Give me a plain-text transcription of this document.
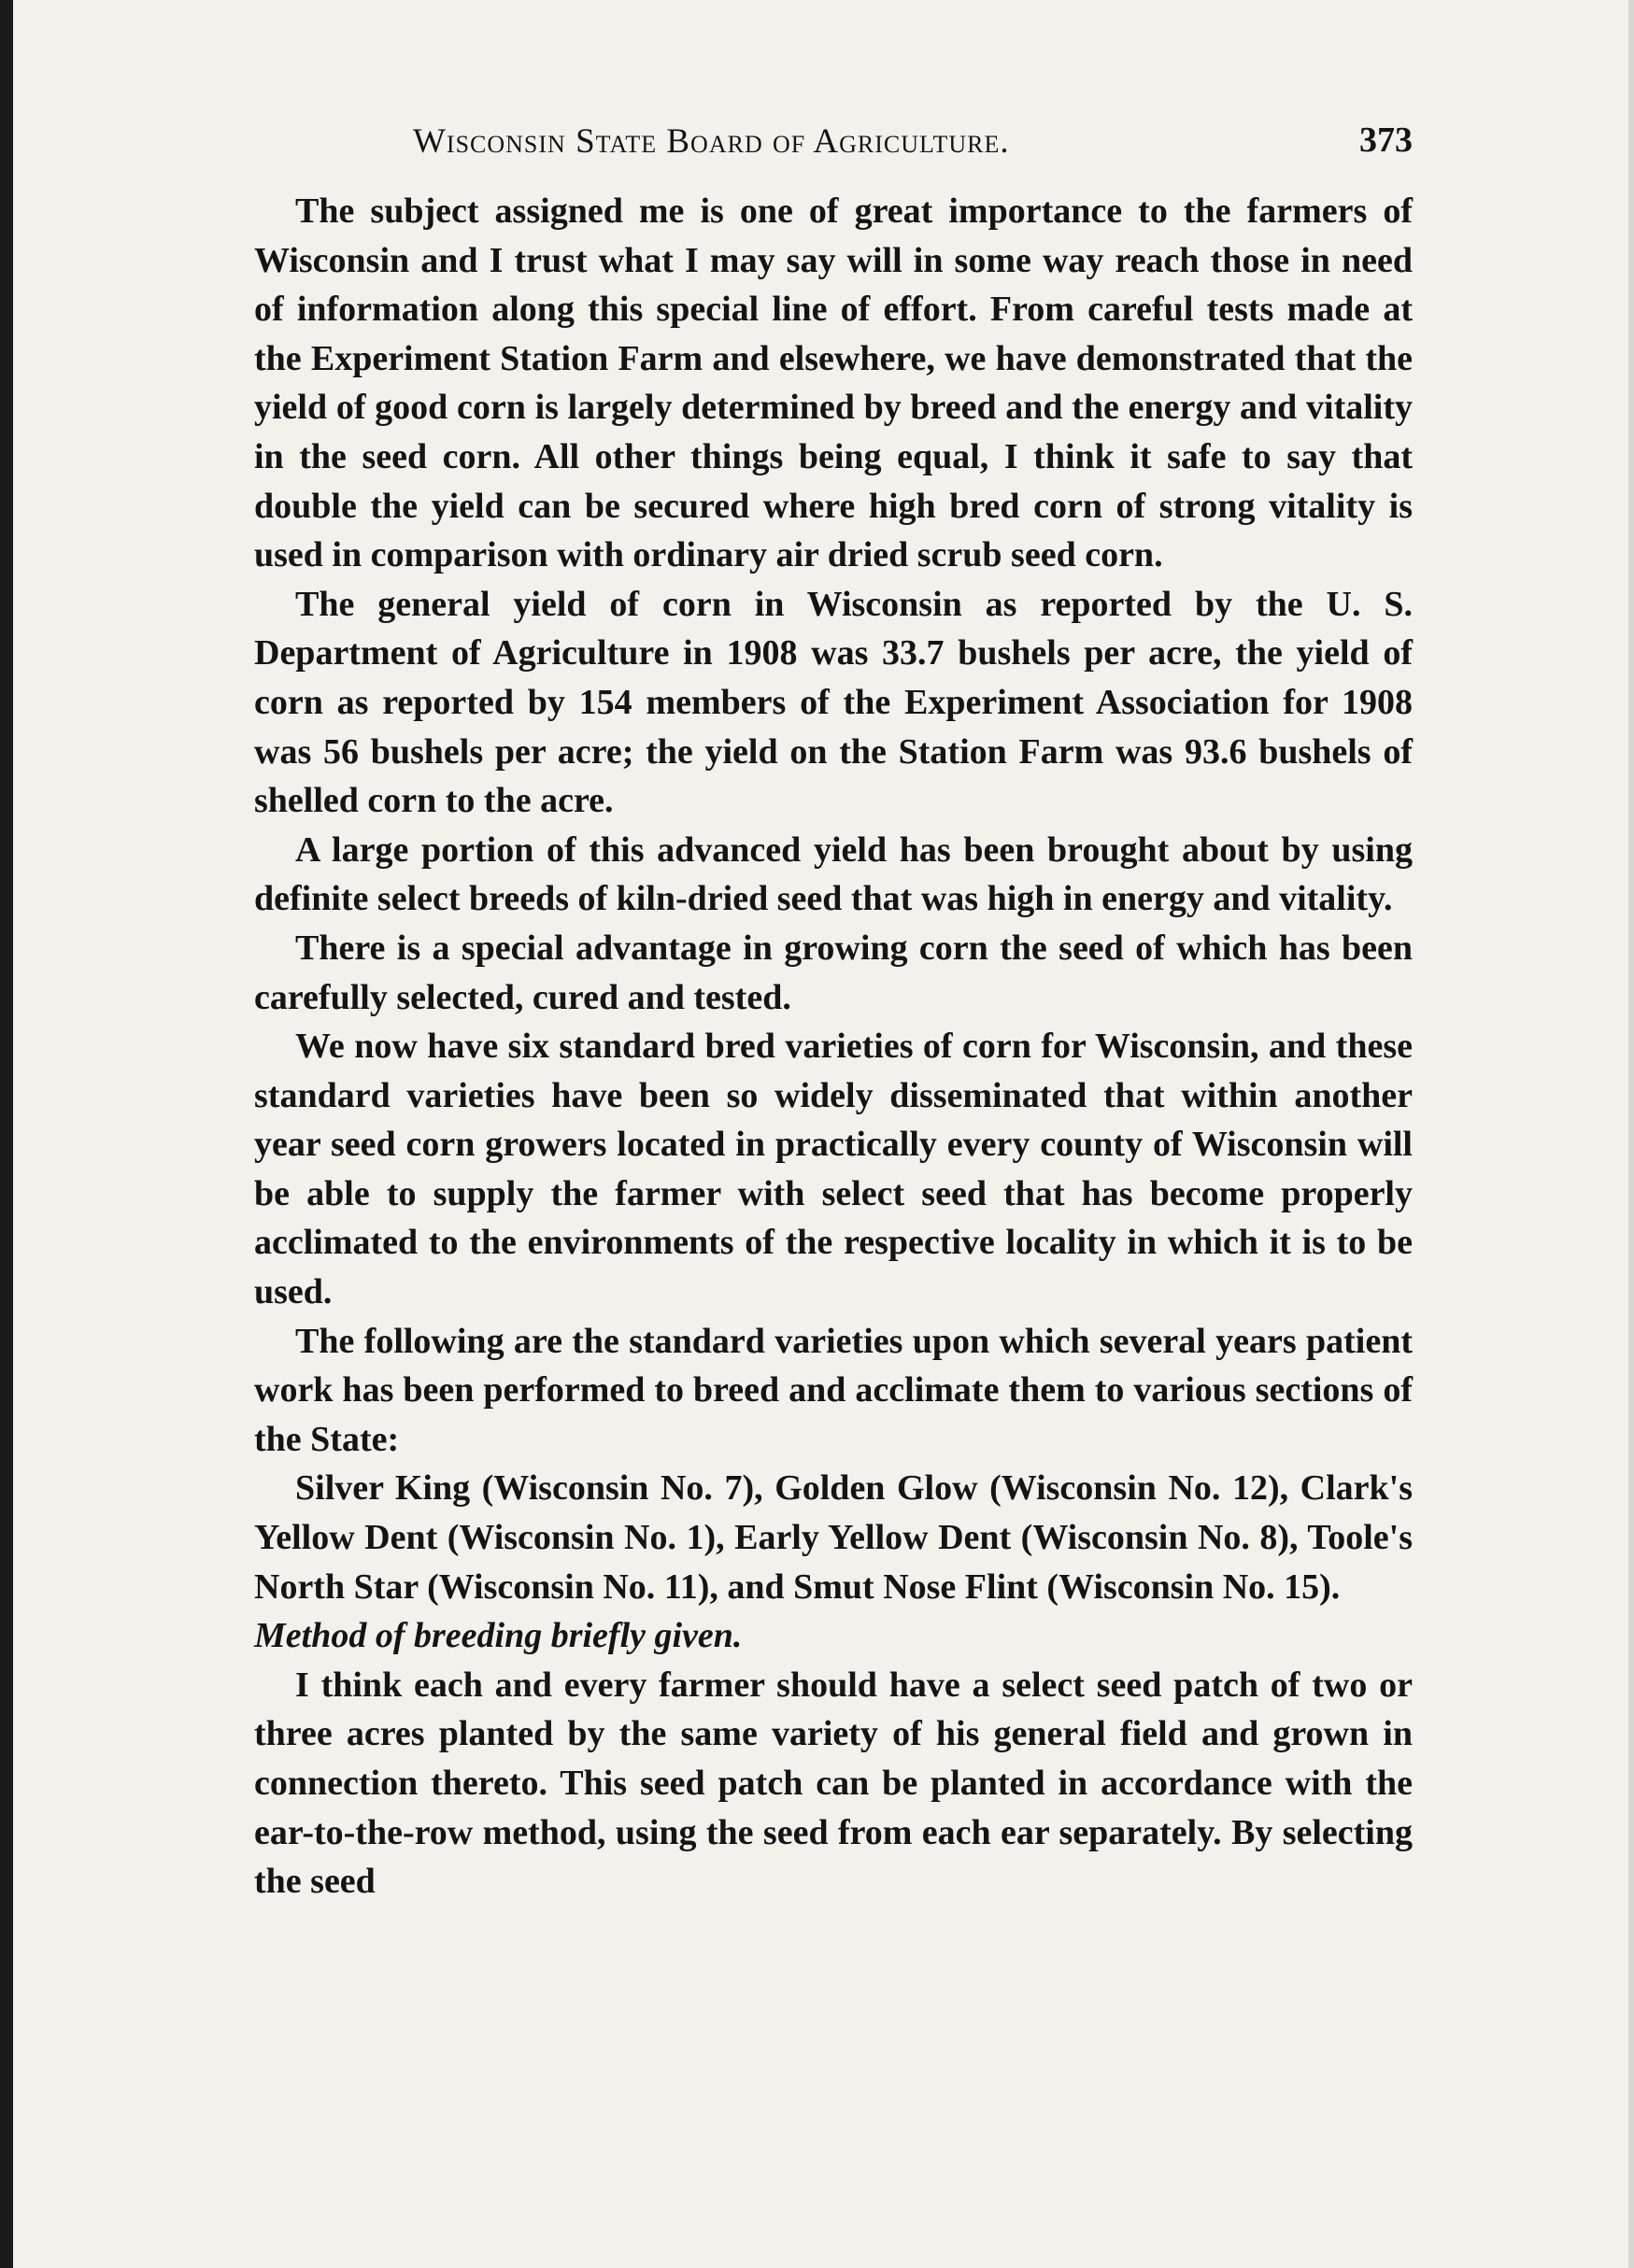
Wisconsin State Board of Agriculture.	373

The subject assigned me is one of great importance to the farmers of Wisconsin and I trust what I may say will in some way reach those in need of information along this special line of effort. From careful tests made at the Experiment Station Farm and elsewhere, we have demonstrated that the yield of good corn is largely determined by breed and the energy and vitality in the seed corn. All other things being equal, I think it safe to say that double the yield can be secured where high bred corn of strong vitality is used in comparison with ordinary air dried scrub seed corn.

The general yield of corn in Wisconsin as reported by the U. S. Department of Agriculture in 1908 was 33.7 bushels per acre, the yield of corn as reported by 154 members of the Experiment Association for 1908 was 56 bushels per acre; the yield on the Station Farm was 93.6 bushels of shelled corn to the acre.

A large portion of this advanced yield has been brought about by using definite select breeds of kiln-dried seed that was high in energy and vitality.

There is a special advantage in growing corn the seed of which has been carefully selected, cured and tested.

We now have six standard bred varieties of corn for Wisconsin, and these standard varieties have been so widely disseminated that within another year seed corn growers located in practically every county of Wisconsin will be able to supply the farmer with select seed that has become properly acclimated to the environments of the respective locality in which it is to be used.

The following are the standard varieties upon which several years patient work has been performed to breed and acclimate them to various sections of the State:

Silver King (Wisconsin No. 7), Golden Glow (Wisconsin No. 12), Clark's Yellow Dent (Wisconsin No. 1), Early Yellow Dent (Wisconsin No. 8), Toole's North Star (Wisconsin No. 11), and Smut Nose Flint (Wisconsin No. 15).

Method of breeding briefly given.

I think each and every farmer should have a select seed patch of two or three acres planted by the same variety of his general field and grown in connection thereto. This seed patch can be planted in accordance with the ear-to-the-row method, using the seed from each ear separately. By selecting the seed
